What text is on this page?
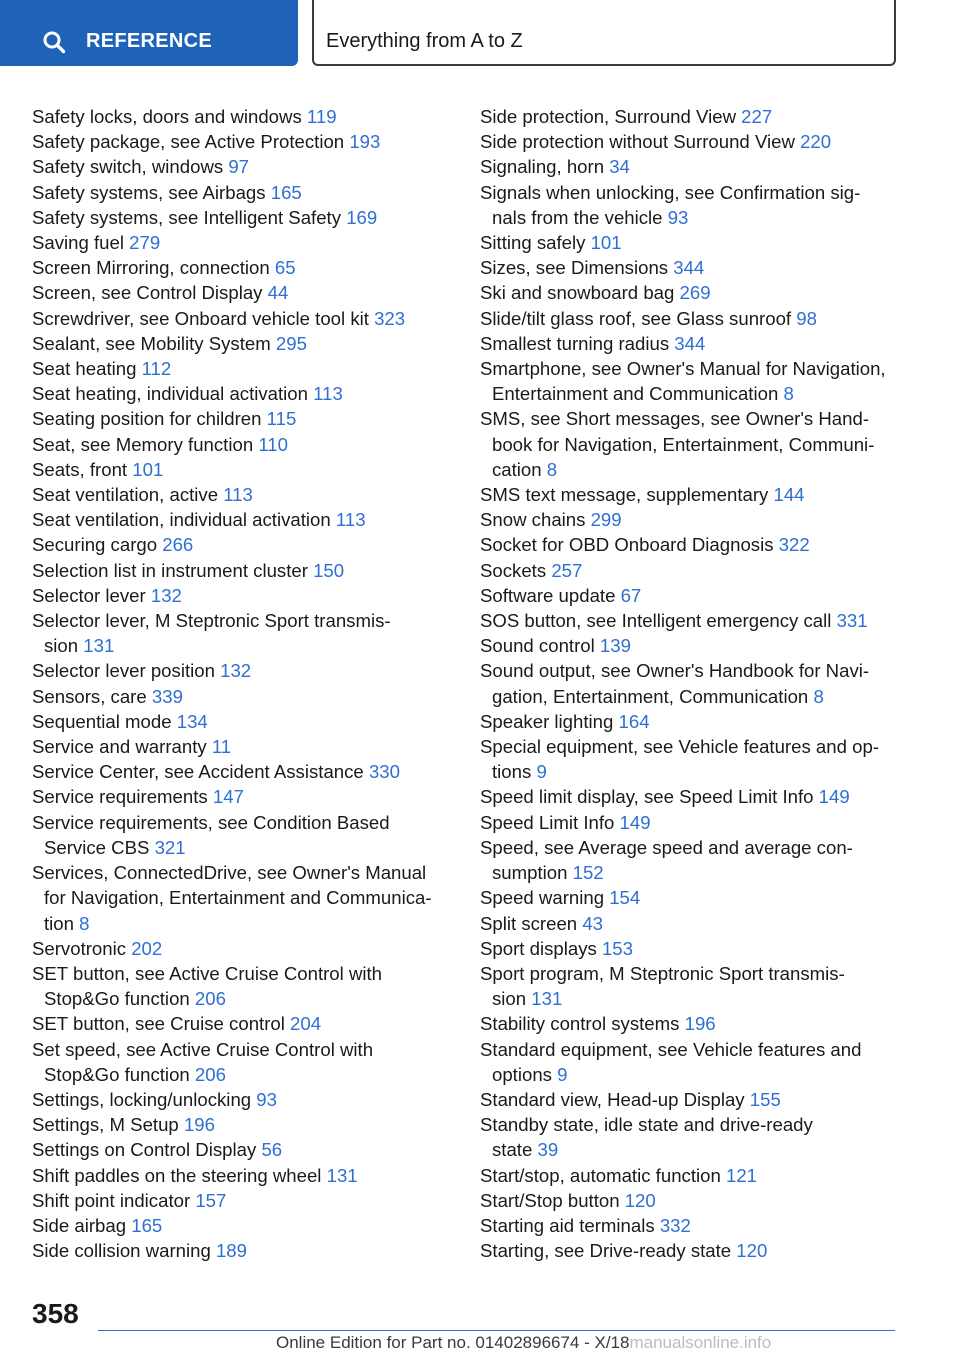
REFERENCE	Everything from A to Z
Safety locks, doors and windows 119
Safety package, see Active Protection 193
Safety switch, windows 97
Safety systems, see Airbags 165
Safety systems, see Intelligent Safety 169
Saving fuel 279
Screen Mirroring, connection 65
Screen, see Control Display 44
Screwdriver, see Onboard vehicle tool kit 323
Sealant, see Mobility System 295
Seat heating 112
Seat heating, individual activation 113
Seating position for children 115
Seat, see Memory function 110
Seats, front 101
Seat ventilation, active 113
Seat ventilation, individual activation 113
Securing cargo 266
Selection list in instrument cluster 150
Selector lever 132
Selector lever, M Steptronic Sport transmis-
sion 131
Selector lever position 132
Sensors, care 339
Sequential mode 134
Service and warranty 11
Service Center, see Accident Assistance 330
Service requirements 147
Service requirements, see Condition Based
Service CBS 321
Services, ConnectedDrive, see Owner's Manual
for Navigation, Entertainment and Communica-
tion 8
Servotronic 202
SET button, see Active Cruise Control with
Stop&Go function 206
SET button, see Cruise control 204
Set speed, see Active Cruise Control with
Stop&Go function 206
Settings, locking/unlocking 93
Settings, M Setup 196
Settings on Control Display 56
Shift paddles on the steering wheel 131
Shift point indicator 157
Side airbag 165
Side collision warning 189
Side protection, Surround View 227
Side protection without Surround View 220
Signaling, horn 34
Signals when unlocking, see Confirmation sig-
nals from the vehicle 93
Sitting safely 101
Sizes, see Dimensions 344
Ski and snowboard bag 269
Slide/tilt glass roof, see Glass sunroof 98
Smallest turning radius 344
Smartphone, see Owner's Manual for Navigation,
Entertainment and Communication 8
SMS, see Short messages, see Owner's Hand-
book for Navigation, Entertainment, Communi-
cation 8
SMS text message, supplementary 144
Snow chains 299
Socket for OBD Onboard Diagnosis 322
Sockets 257
Software update 67
SOS button, see Intelligent emergency call 331
Sound control 139
Sound output, see Owner's Handbook for Navi-
gation, Entertainment, Communication 8
Speaker lighting 164
Special equipment, see Vehicle features and op-
tions 9
Speed limit display, see Speed Limit Info 149
Speed Limit Info 149
Speed, see Average speed and average con-
sumption 152
Speed warning 154
Split screen 43
Sport displays 153
Sport program, M Steptronic Sport transmis-
sion 131
Stability control systems 196
Standard equipment, see Vehicle features and
options 9
Standard view, Head-up Display 155
Standby state, idle state and drive-ready
state 39
Start/stop, automatic function 121
Start/Stop button 120
Starting aid terminals 332
Starting, see Drive-ready state 120
358
Online Edition for Part no. 01402896674 - X/18manualsonline.info
